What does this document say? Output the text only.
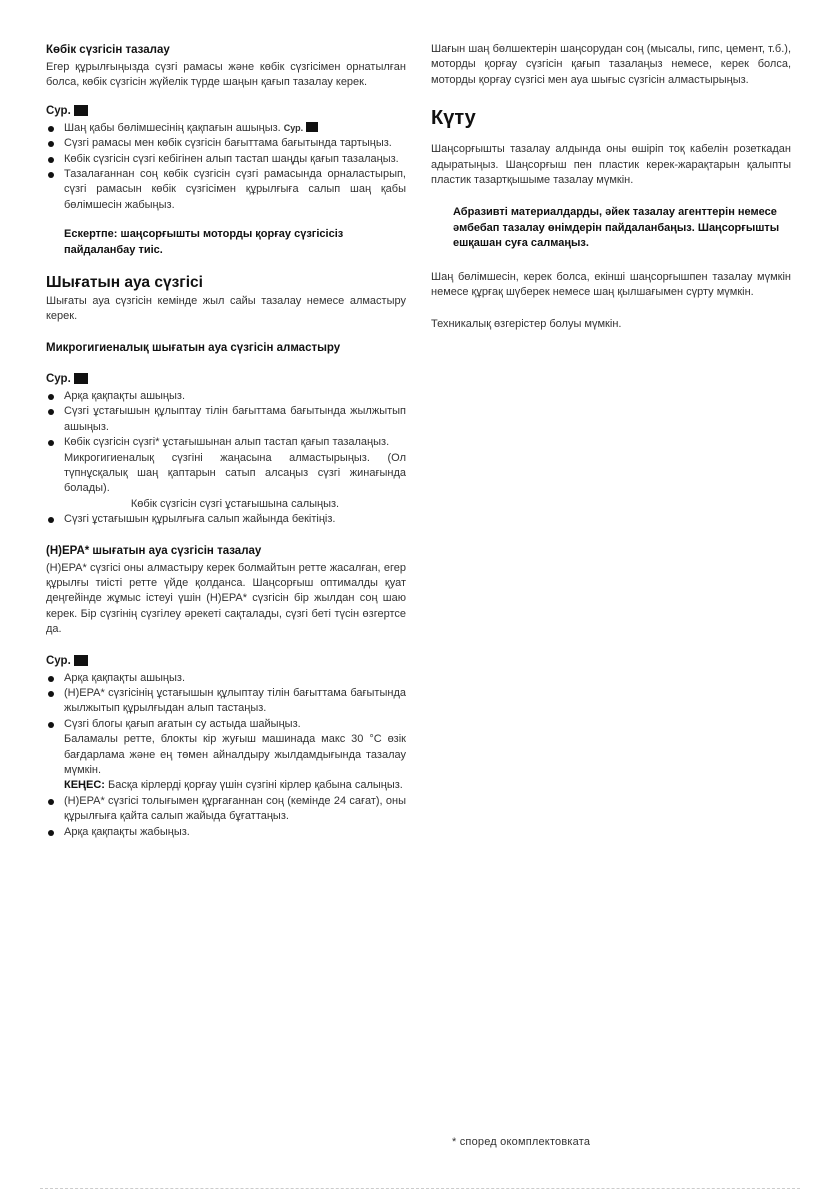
Көбік сүзгісін тазалау

Егер құрылғыңызда сүзгі рамасы және көбік сүзгісімен орнатылған болса, көбік сүзгісін жүйелік түрде шаңын қағып тазалау керек.

Сур.
Шаң қабы бөлімшесінің қақпағын ашыңыз. Сур.
Сүзгі рамасы мен көбік сүзгісін бағыттама бағытында тартыңыз.
Көбік сүзгісін сүзгі кебігінен алып тастап шаңды қағып тазалаңыз.
Тазалағаннан соң көбік сүзгісін сүзгі рамасында орналастырып, сүзгі рамасын көбік сүзгісімен құрылғыға салып шаң қабы бөлімшесін жабыңыз.

Ескертпе: шаңсорғышты моторды қорғау сүзгісісіз пайдаланбау тиіс.

Шығатын ауа сүзгісі

Шығаты ауа сүзгісін кемінде жыл сайы тазалау немесе алмастыру керек.

Микрогигиеналық шығатын ауа сүзгісін алмастыру
Сур.
Арқа қақпақты ашыңыз.
Сүзгі ұстағышын құлыптау тілін бағыттама бағытында жылжытып ашыңыз.
Көбік сүзгісін сүзгі* ұстағышынан алып тастап қағып тазалаңыз.
Микрогигиеналық сүзгіні жаңасына алмастырыңыз. (Ол түпнұсқалық шаң қаптарын сатып алсаңыз сүзгі жинағында болады).
Көбік сүзгісін сүзгі ұстағышына салыңыз.
Сүзгі ұстағышын құрылғыға салып жайында бекітіңіз.
(H)EPA* шығатын ауа сүзгісін тазалау

(H)EPA* сүзгісі оны алмастыру керек болмайтын ретте жасалған, егер құрылғы тиісті ретте үйде қолданса. Шаңсорғыш оптималды қуат деңгейінде жұмыс істеуі үшін (H)EPA* сүзгісін бір жылдан соң шаю керек. Бір сүзгінің сүзгілеу әрекеті сақталады, сүзгі беті түсін өзгертсе да.

Сур.
Арқа қақпақты ашыңыз.
(H)EPA* сүзгісінің ұстағышын құлыптау тілін бағыттама бағытында жылжытып құрылғыдан алып тастаңыз.
Сүзгі блогы қағып ағатын су астыда шайыңыз.
Баламалы ретте, блокты кір жуғыш машинада макс 30 °С өзік бағдарлама және ең төмен айналдыру жылдамдығында тазалау мүмкін.
КЕҢЕС: Басқа кірлерді қорғау үшін сүзгіні кірлер қабына салыңыз.
(H)EPA* сүзгісі толығымен құрғағаннан соң (кемінде 24 сағат), оны құрылғыға қайта салып жайыда бұғаттаңыз.
Арқа қақпақты жабыңыз.

Шағын шаң бөлшектерін шаңсорудан соң (мысалы, гипс, цемент, т.б.), моторды қорғау сүзгісін қағып тазалаңыз немесе, керек болса, моторды қорғау сүзгісі мен ауа шығыс сүзгісін алмастырыңыз.

Күту

Шаңсорғышты тазалау алдында оны өшіріп тоқ кабелін розеткадан адыратыңыз. Шаңсорғыш пен пластик керек-жарақтарын қалыпты пластик тазартқышыме тазалау мүмкін.

Абразивті материалдарды, әйек тазалау агенттерін немесе әмбебап тазалау өнімдерін пайдаланбаңыз. Шаңсорғышты ешқашан суға салмаңыз.

Шаң бөлімшесін, керек болса, екінші шаңсорғышпен тазалау мүмкін немесе құрғақ шүберек немесе шаң қылшағымен сүрту мүмкін.

Техникалық өзгерістер болуы мүмкін.

* според окомплектовката
